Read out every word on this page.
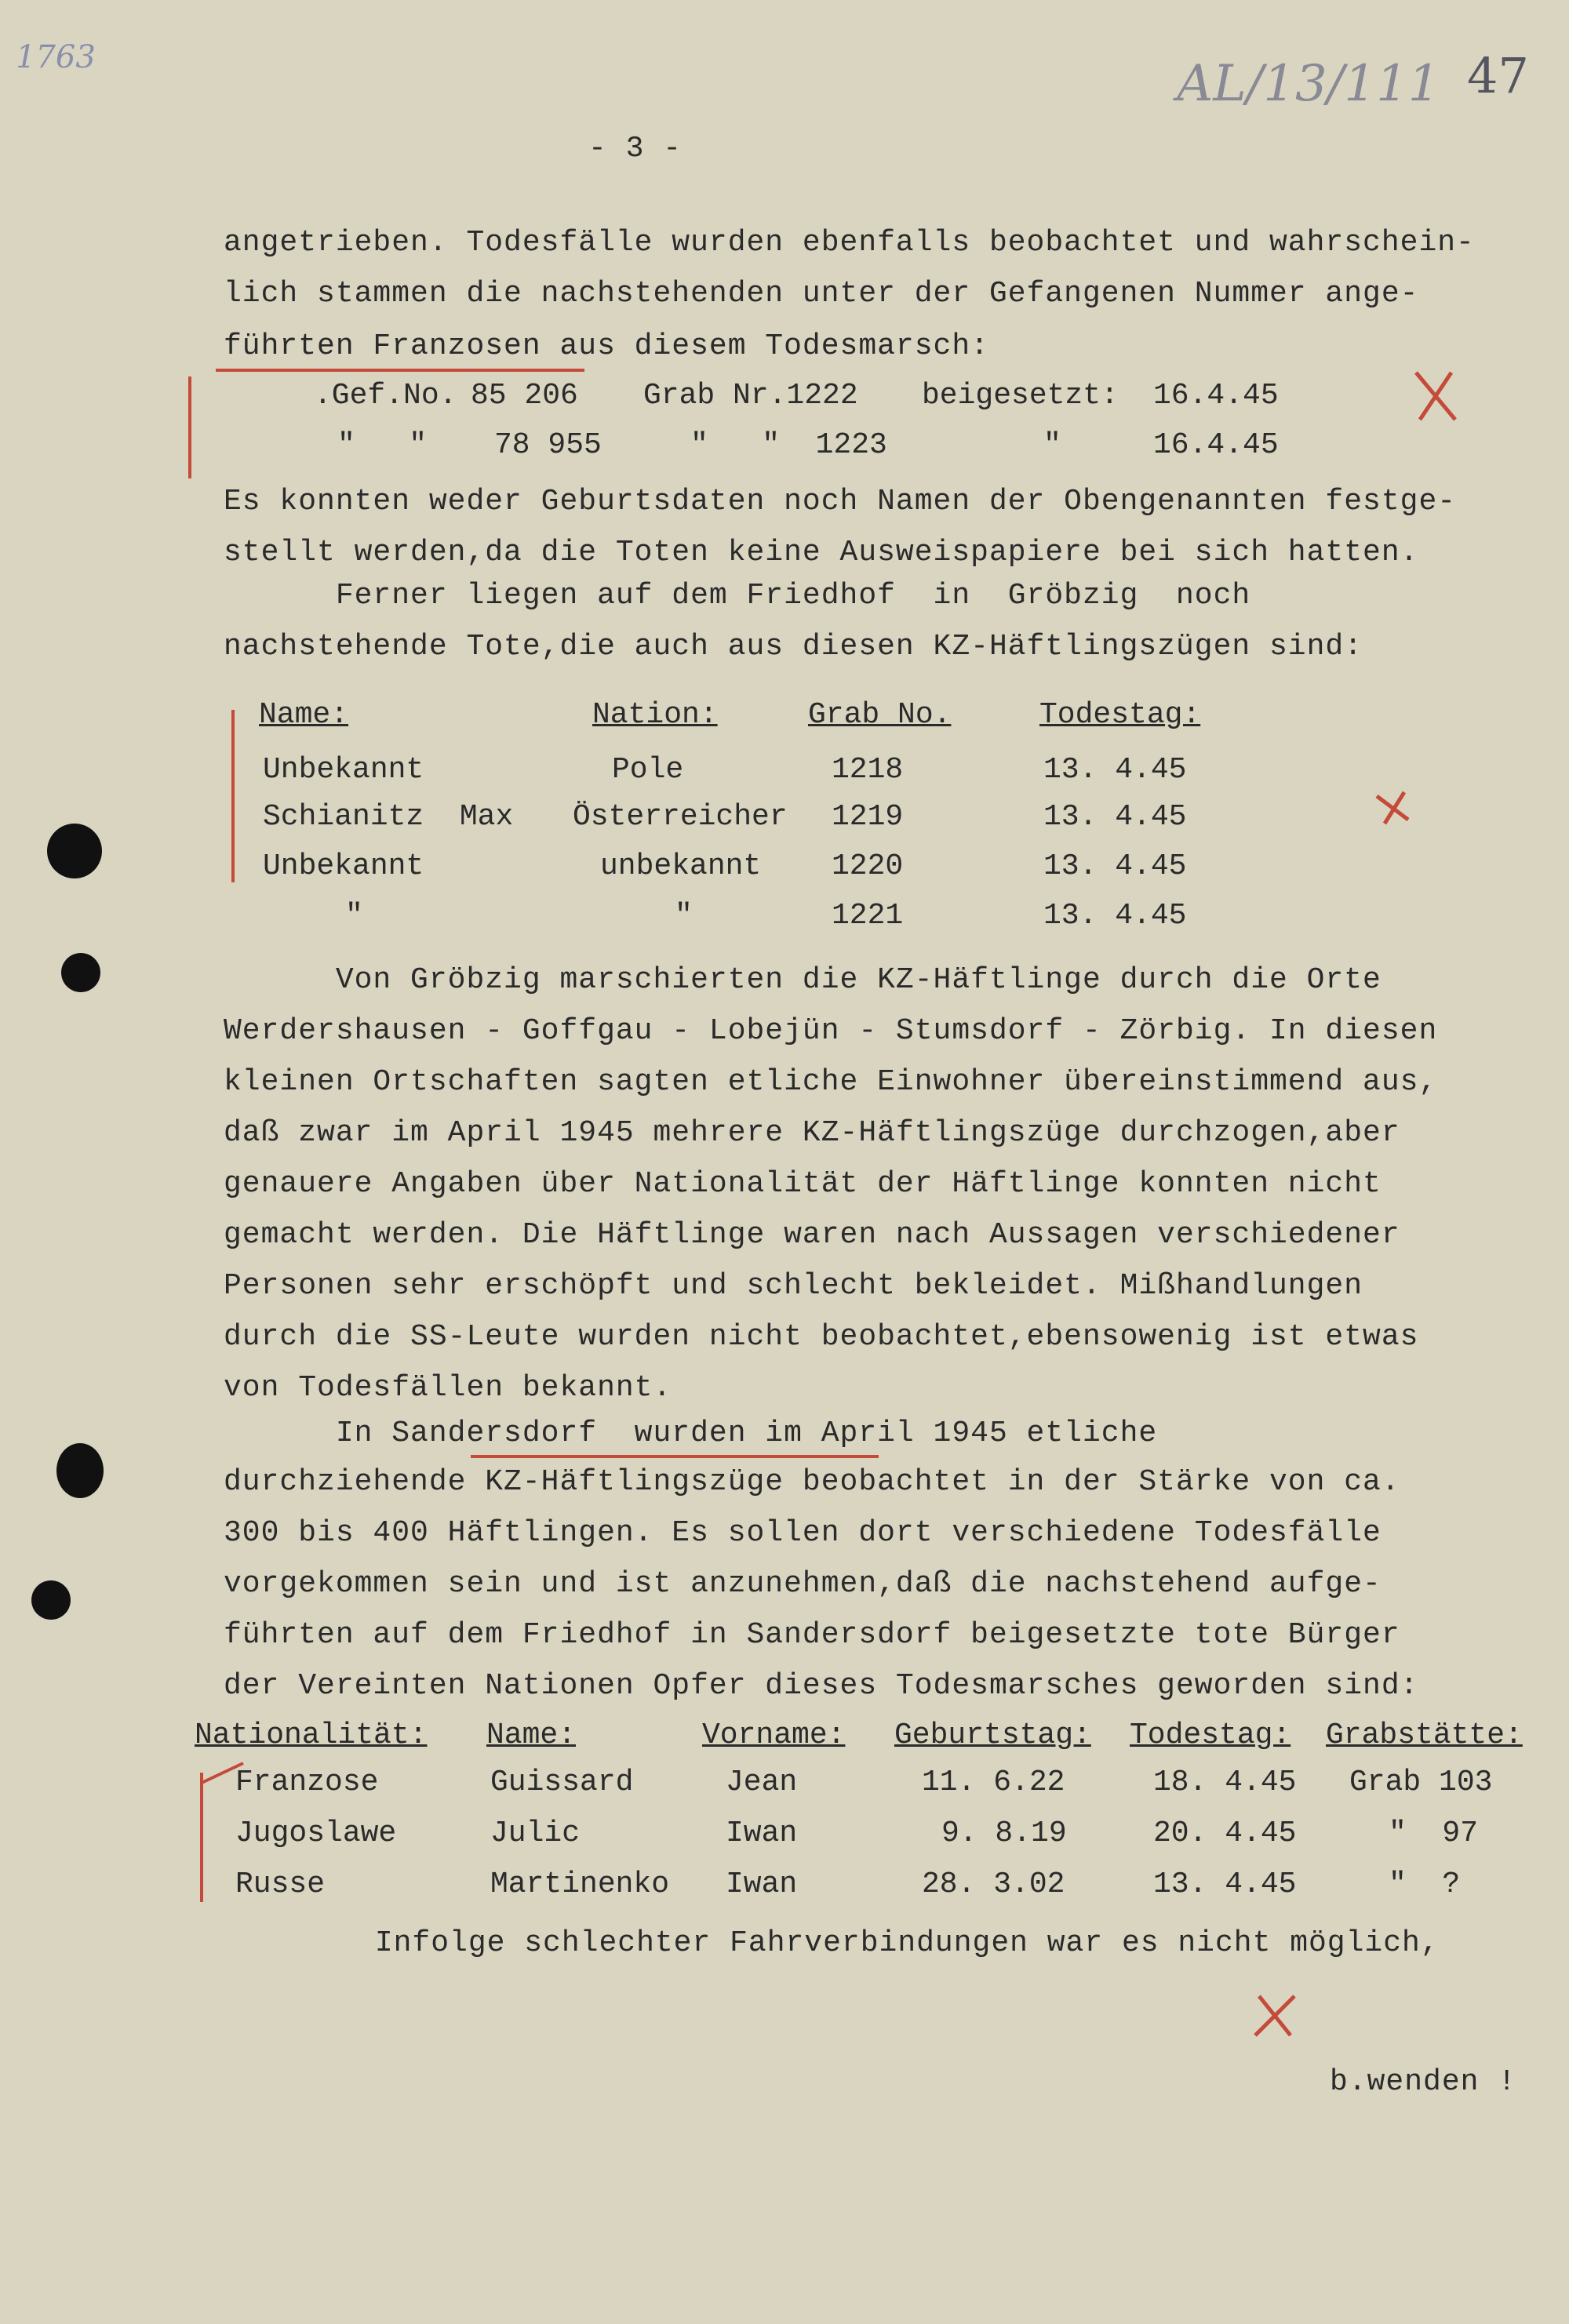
1763	AL/13/111 47
- 3 -
angetrieben. Todesfälle wurden ebenfalls beobachtet und wahrschein-
lich stammen die nachstehenden unter der Gefangenen Nummer ange-
führten Franzosen aus diesem Todesmarsch:
.Gef.No. 85 206 Grab Nr.1222 beigesetzt: 16.4.45
"   " 78 955	"   "  1223	"	16.4.45
Es konnten weder Geburtsdaten noch Namen der Obengenannten festge-
stellt werden,da die Toten keine Ausweispapiere bei sich hatten.
Ferner liegen auf dem Friedhof  in  Gröbzig  noch
nachstehende Tote,die auch aus diesen KZ-Häftlingszügen sind:
Name:	Nation:	Grab No.	Todestag:
Unbekannt	Pole	1218	13. 4.45
Schianitz  Max Österreicher 1219	13. 4.45
Unbekannt	unbekannt 1220	13. 4.45
"	"	1221	13. 4.45
Von Gröbzig marschierten die KZ-Häftlinge durch die Orte
Werdershausen - Goffgau - Lobejün - Stumsdorf - Zörbig. In diesen
kleinen Ortschaften sagten etliche Einwohner übereinstimmend aus,
daß zwar im April 1945 mehrere KZ-Häftlingszüge durchzogen,aber
genauere Angaben über Nationalität der Häftlinge konnten nicht
gemacht werden. Die Häftlinge waren nach Aussagen verschiedener
Personen sehr erschöpft und schlecht bekleidet. Mißhandlungen
durch die SS-Leute wurden nicht beobachtet,ebensowenig ist etwas
von Todesfällen bekannt.
In Sandersdorf  wurden im April 1945 etliche
durchziehende KZ-Häftlingszüge beobachtet in der Stärke von ca.
300 bis 400 Häftlingen. Es sollen dort verschiedene Todesfälle
vorgekommen sein und ist anzunehmen,daß die nachstehend aufge-
führten auf dem Friedhof in Sandersdorf beigesetzte tote Bürger
der Vereinten Nationen Opfer dieses Todesmarsches geworden sind:
Nationalität: Name:	Vorname: Geburtstag: Todestag: Grabstätte:
Franzose	Guissard	Jean	11. 6.22	18. 4.45 Grab 103
Jugoslawe	Julic	Iwan	9. 8.19	20. 4.45	"  97
Russe	Martinenko Iwan	28. 3.02	13. 4.45	"  ?
Infolge schlechter Fahrverbindungen war es nicht möglich,
b.wenden !
